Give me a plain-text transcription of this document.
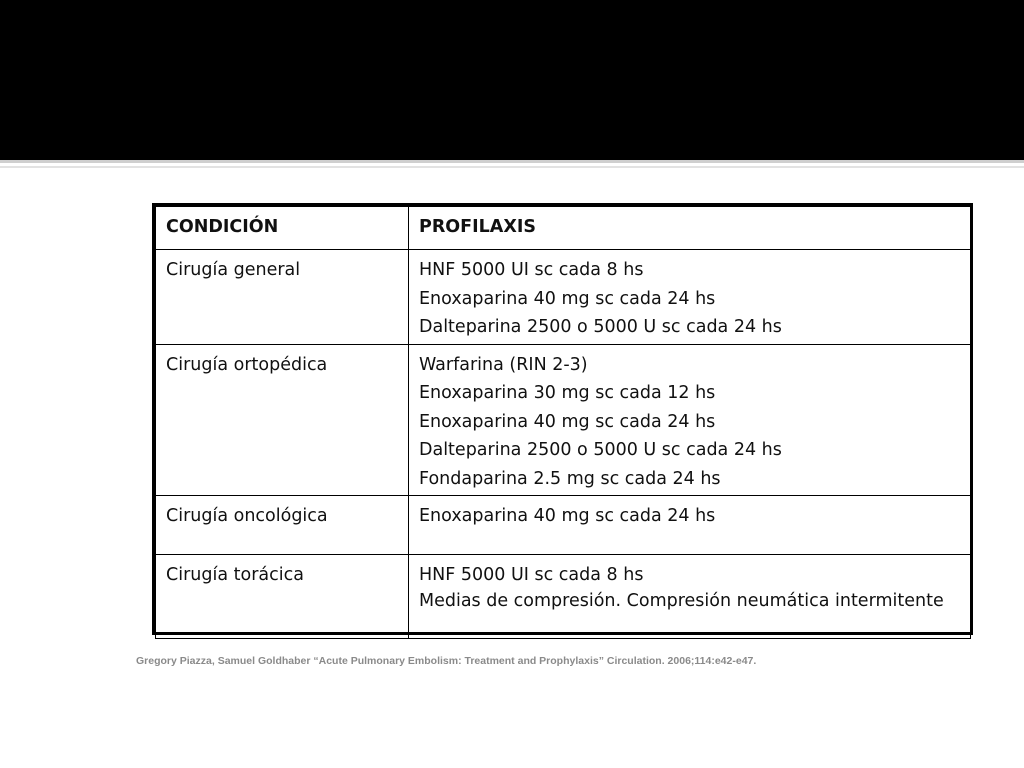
CONDICIÓN	PROFILAXIS
Cirugía general	HNF 5000 UI sc cada 8 hs
Enoxaparina 40 mg sc cada 24 hs
Dalteparina 2500 o 5000 U sc cada 24 hs

Cirugía ortopédica	Warfarina (RIN 2-3)
Enoxaparina 30 mg sc cada 12 hs
Enoxaparina 40 mg sc cada 24 hs
Dalteparina 2500 o 5000 U sc cada 24 hs
Fondaparina 2.5 mg sc cada 24 hs

Cirugía oncológica	Enoxaparina 40 mg sc cada 24 hs

Cirugía torácica	HNF 5000 UI sc cada 8 hs
Medias de compresión. Compresión neumática intermitente
Gregory Piazza, Samuel Goldhaber “Acute Pulmonary Embolism: Treatment and Prophylaxis” Circulation. 2006;114:e42-e47.
